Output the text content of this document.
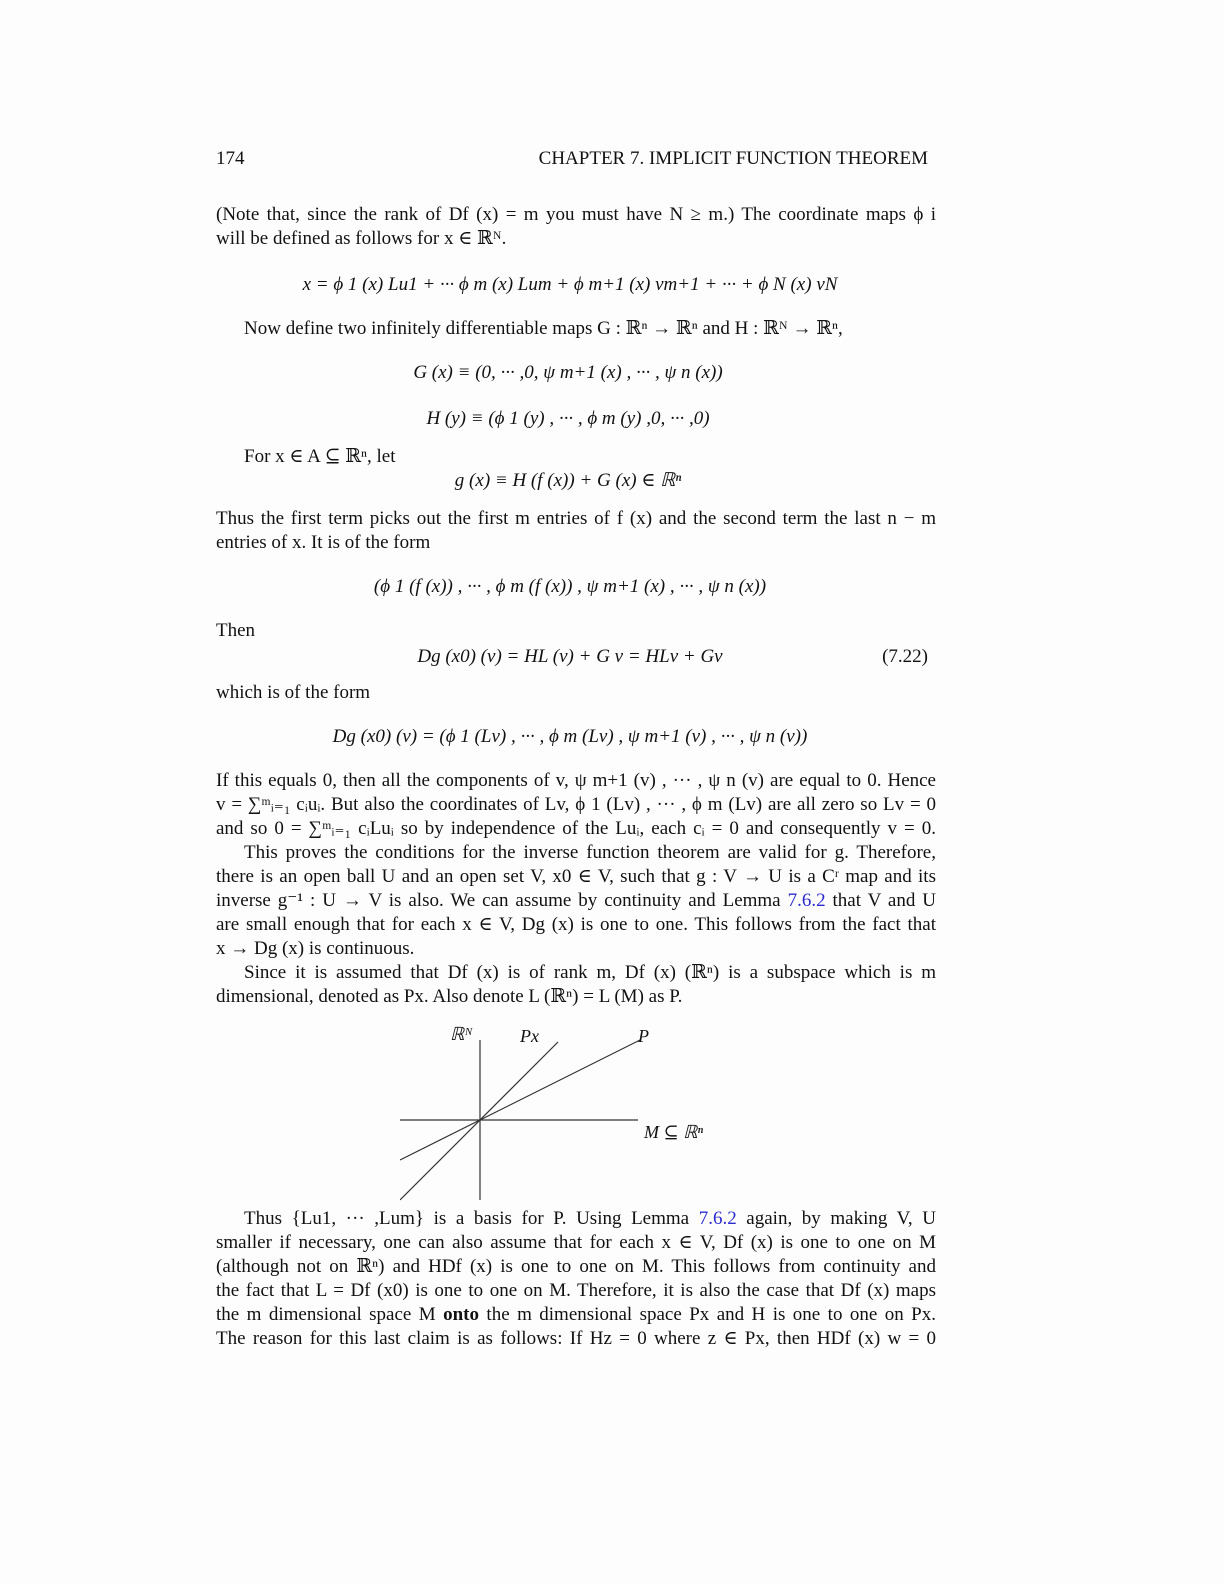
174	CHAPTER 7. IMPLICIT FUNCTION THEOREM
(Note that, since the rank of Df (x) = m you must have N ≥ m.) The coordinate maps ϕ i
will be defined as follows for x ∈ ℝᴺ.
x = ϕ 1 (x) Lu1 + ··· ϕ m (x) Lum + ϕ m+1 (x) vm+1 + ··· + ϕ N (x) vN
Now define two infinitely differentiable maps G : ℝⁿ → ℝⁿ and H : ℝᴺ → ℝⁿ,
G (x) ≡ (0, ··· ,0, ψ m+1 (x) , ··· , ψ n (x))
H (y) ≡ (ϕ 1 (y) , ··· , ϕ m (y) ,0, ··· ,0)
For x ∈ A ⊆ ℝⁿ, let
g (x) ≡ H (f (x)) + G (x) ∈ ℝⁿ
Thus the first term picks out the first m entries of f (x) and the second term the last n − m
entries of x. It is of the form
(ϕ 1 (f (x)) , ··· , ϕ m (f (x)) , ψ m+1 (x) , ··· , ψ n (x))
Then
Dg (x0) (v) = HL (v) + G v = HLv + Gv	(7.22)
which is of the form
Dg (x0) (v) = (ϕ 1 (Lv) , ··· , ϕ m (Lv) , ψ m+1 (v) , ··· , ψ n (v))
If this equals 0, then all the components of v, ψ m+1 (v) , ··· , ψ n (v) are equal to 0. Hence
v = ∑ᵐᵢ₌₁ cᵢuᵢ. But also the coordinates of Lv, ϕ 1 (Lv) , ··· , ϕ m (Lv) are all zero so Lv = 0
and so 0 = ∑ᵐᵢ₌₁ cᵢLuᵢ so by independence of the Luᵢ, each cᵢ = 0 and consequently v = 0.
This proves the conditions for the inverse function theorem are valid for g. Therefore,
there is an open ball U and an open set V, x0 ∈ V, such that g : V → U is a Cʳ map and its
inverse g⁻¹ : U → V is also. We can assume by continuity and Lemma 7.6.2 that V and U
are small enough that for each x ∈ V, Dg (x) is one to one. This follows from the fact that
x → Dg (x) is continuous.
Since it is assumed that Df (x) is of rank m, Df (x) (ℝⁿ) is a subspace which is m
dimensional, denoted as Px. Also denote L (ℝⁿ) = L (M) as P.
ℝᴺ	Px	P
M ⊆ ℝⁿ
Thus {Lu1, ··· ,Lum} is a basis for P. Using Lemma 7.6.2 again, by making V, U
smaller if necessary, one can also assume that for each x ∈ V, Df (x) is one to one on M
(although not on ℝⁿ) and HDf (x) is one to one on M. This follows from continuity and
the fact that L = Df (x0) is one to one on M. Therefore, it is also the case that Df (x) maps
the m dimensional space M onto the m dimensional space Px and H is one to one on Px.
The reason for this last claim is as follows: If Hz = 0 where z ∈ Px, then HDf (x) w = 0
